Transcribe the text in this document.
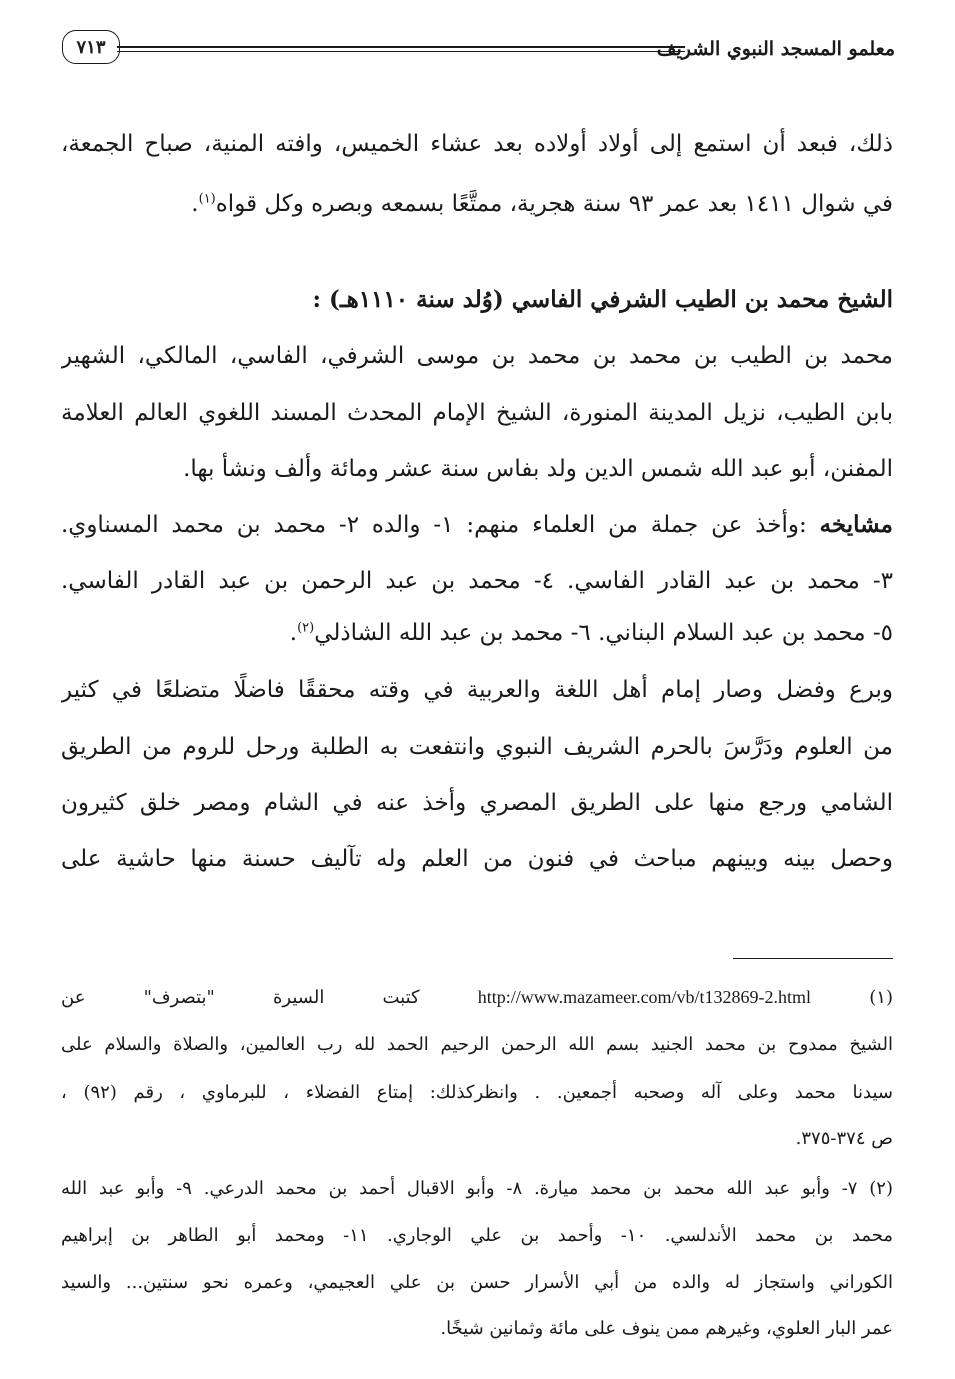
معلمو المسجد النبوي الشريف
٧١٣
ذلك، فبعد أن استمع إلى أولاد أولاده بعد عشاء الخميس، وافته المنية، صباح الجمعة،
في شوال ١٤١١ بعد عمر ٩٣ سنة هجرية، ممتَّعًا بسمعه وبصره وكل قواه$^{(١)}$.
الشيخ محمد بن الطيب الشرفي الفاسي (وُلد سنة ١١١٠هـ) :
محمد بن الطيب بن محمد بن محمد بن موسى الشرفي، الفاسي، المالكي، الشهير
بابن الطيب، نزيل المدينة المنورة، الشيخ الإمام المحدث المسند اللغوي العالم العلامة
المفنن، أبو عبد الله شمس الدين ولد بفاس سنة عشر ومائة وألف ونشأ بها.
مشايخه :وأخذ عن جملة من العلماء منهم: ١- والده ٢- محمد بن محمد المسناوي.
٣- محمد بن عبد القادر الفاسي. ٤- محمد بن عبد الرحمن بن عبد القادر الفاسي.
٥- محمد بن عبد السلام البناني. ٦- محمد بن عبد الله الشاذلي$^{(٢)}$.
وبرع وفضل وصار إمام أهل اللغة والعربية في وقته محققًا فاضلًا متضلعًا في كثير
من العلوم ودَرَّسَ بالحرم الشريف النبوي وانتفعت به الطلبة ورحل للروم من الطريق
الشامي ورجع منها على الطريق المصري وأخذ عنه في الشام ومصر خلق كثيرون
وحصل بينه وبينهم مباحث في فنون من العلم وله تآليف حسنة منها حاشية على
(١) http://www.mazameer.com/vb/t132869-2.html كتبت السيرة "بتصرف" عن
الشيخ ممدوح بن محمد الجنيد بسم الله الرحمن الرحيم الحمد لله رب العالمين، والصلاة والسلام على
سيدنا محمد وعلى آله وصحبه أجمعين. . وانظركذلك: إمتاع الفضلاء ، للبرماوي ، رقم (٩٢) ،
ص ٣٧٤-٣٧٥.
(٢) ٧- وأبو عبد الله محمد بن محمد ميارة. ٨- وأبو الاقبال أحمد بن محمد الدرعي. ٩- وأبو عبد الله
محمد بن محمد الأندلسي. ١٠- وأحمد بن علي الوجاري. ١١- ومحمد أبو الطاهر بن إبراهيم
الكوراني واستجاز له والده من أبي الأسرار حسن بن علي العجيمي، وعمره نحو سنتين... والسيد
عمر البار العلوي، وغيرهم ممن ينوف على مائة وثمانين شيخًا.
